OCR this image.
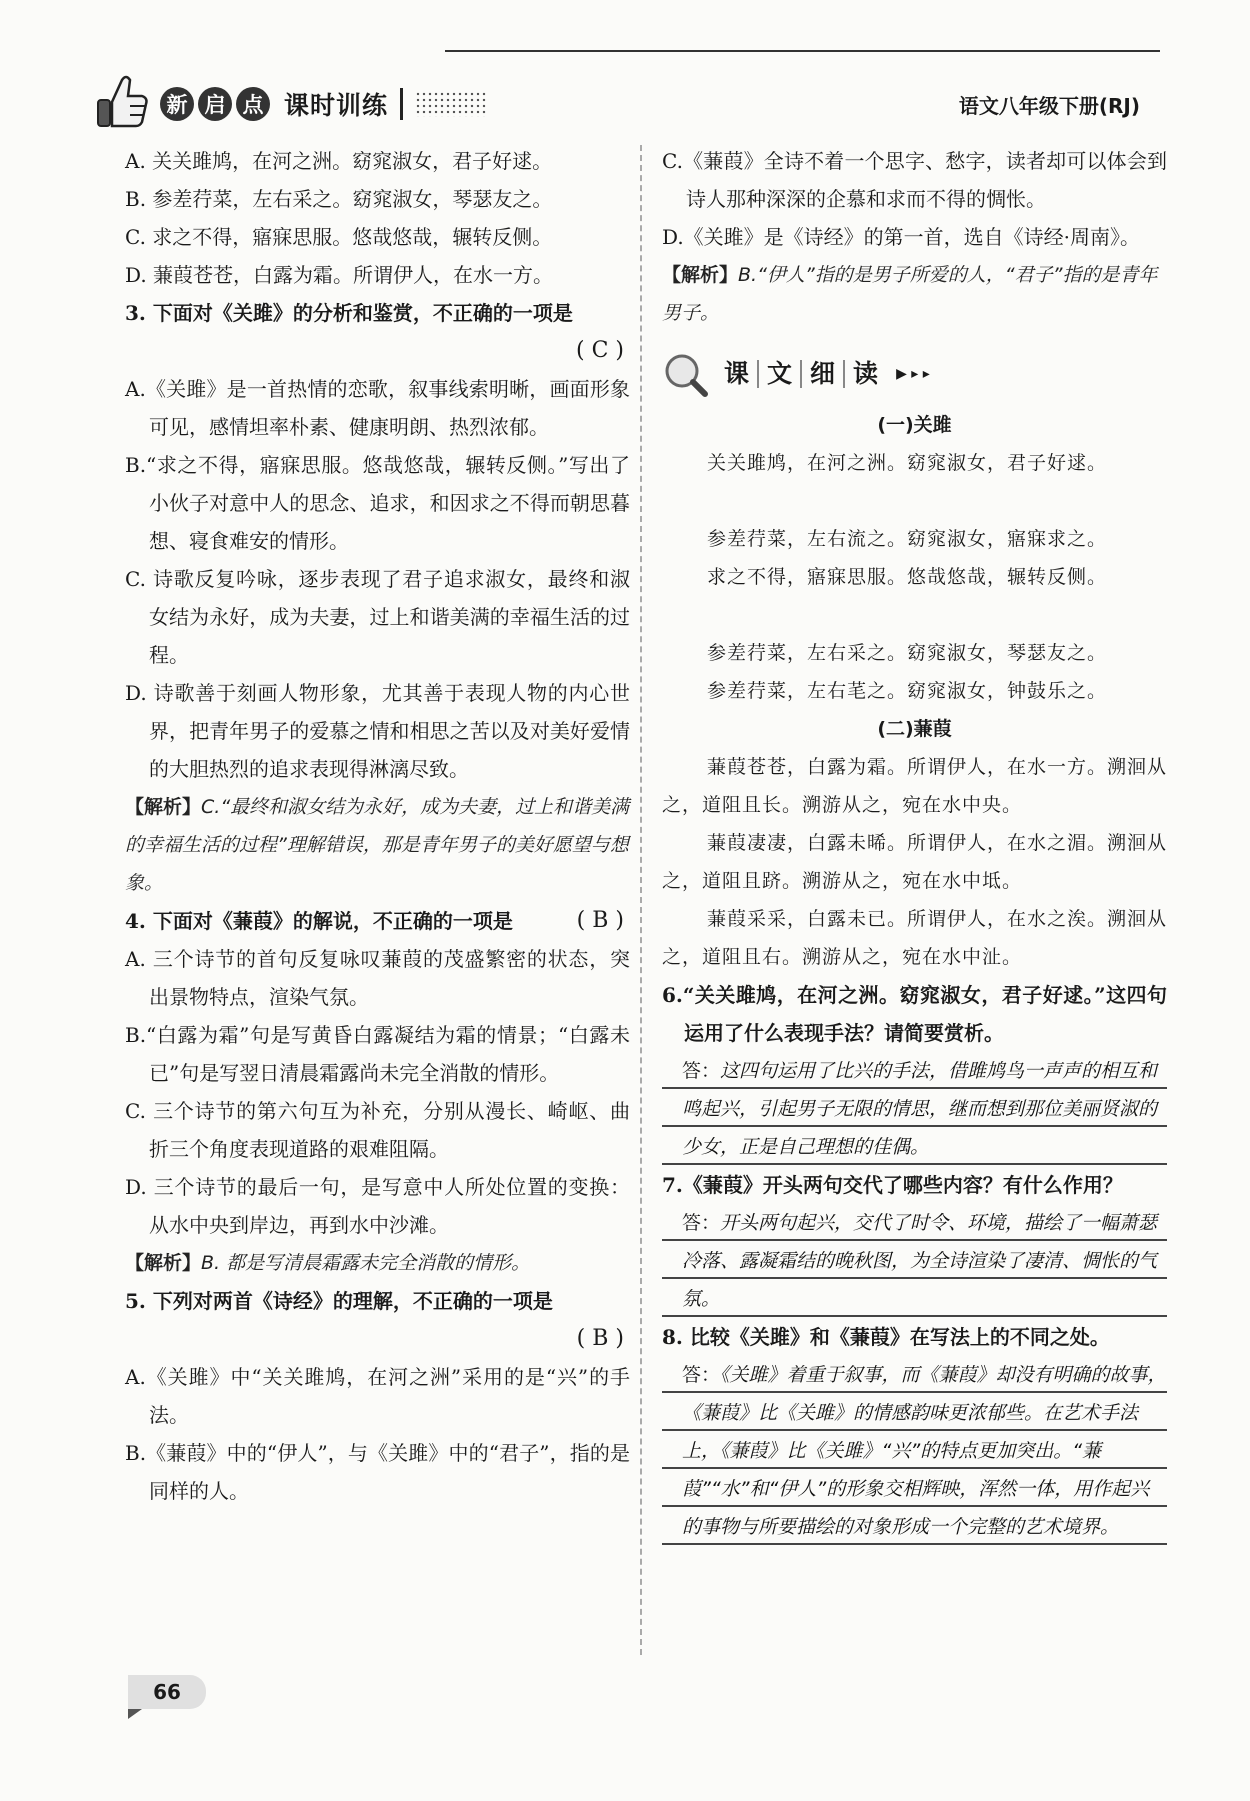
新 启 点 课时训练	语文八年级下册(RJ)

A. 关关雎鸠，在河之洲。窈窕淑女，君子好逑。

B. 参差荇菜，左右采之。窈窕淑女，琴瑟友之。

C. 求之不得，寤寐思服。悠哉悠哉，辗转反侧。

D. 蒹葭苍苍，白露为霜。所谓伊人，在水一方。

3. 下面对《关雎》的分析和鉴赏，不正确的一项是

( C )

A.《关雎》是一首热情的恋歌，叙事线索明晰，画面形象可见，感情坦率朴素、健康明朗、热烈浓郁。

B.“求之不得，寤寐思服。悠哉悠哉，辗转反侧。”写出了小伙子对意中人的思念、追求，和因求之不得而朝思暮想、寝食难安的情形。

C. 诗歌反复吟咏，逐步表现了君子追求淑女，最终和淑女结为永好，成为夫妻，过上和谐美满的幸福生活的过程。

D. 诗歌善于刻画人物形象，尤其善于表现人物的内心世界，把青年男子的爱慕之情和相思之苦以及对美好爱情的大胆热烈的追求表现得淋漓尽致。

【解析】C.“最终和淑女结为永好，成为夫妻，过上和谐美满的幸福生活的过程”理解错误，那是青年男子的美好愿望与想象。

4. 下面对《蒹葭》的解说，不正确的一项是	( B )

A. 三个诗节的首句反复咏叹蒹葭的茂盛繁密的状态，突出景物特点，渲染气氛。

B.“白露为霜”句是写黄昏白露凝结为霜的情景；“白露未已”句是写翌日清晨霜露尚未完全消散的情形。

C. 三个诗节的第六句互为补充，分别从漫长、崎岖、曲折三个角度表现道路的艰难阻隔。

D. 三个诗节的最后一句，是写意中人所处位置的变换：从水中央到岸边，再到水中沙滩。

【解析】B. 都是写清晨霜露未完全消散的情形。

5. 下列对两首《诗经》的理解，不正确的一项是

( B )

A.《关雎》中“关关雎鸠，在河之洲”采用的是“兴”的手法。

B.《蒹葭》中的“伊人”，与《关雎》中的“君子”，指的是同样的人。

C.《蒹葭》全诗不着一个思字、愁字，读者却可以体会到诗人那种深深的企慕和求而不得的惆怅。

D.《关雎》是《诗经》的第一首，选自《诗经·周南》。

【解析】B.“伊人”指的是男子所爱的人，“君子”指的是青年男子。

课 文 细 读	▶ ▸ ▸

(一)关雎

关关雎鸠，在河之洲。窈窕淑女，君子好逑。

参差荇菜，左右流之。窈窕淑女，寤寐求之。

求之不得，寤寐思服。悠哉悠哉，辗转反侧。

参差荇菜，左右采之。窈窕淑女，琴瑟友之。

参差荇菜，左右芼之。窈窕淑女，钟鼓乐之。

(二)蒹葭

蒹葭苍苍，白露为霜。所谓伊人，在水一方。溯洄从之，道阻且长。溯游从之，宛在水中央。

蒹葭凄凄，白露未晞。所谓伊人，在水之湄。溯洄从之，道阻且跻。溯游从之，宛在水中坻。

蒹葭采采，白露未已。所谓伊人，在水之涘。溯洄从之，道阻且右。溯游从之，宛在水中沚。

6.“关关雎鸠，在河之洲。窈窕淑女，君子好逑。”这四句运用了什么表现手法？请简要赏析。

答：这四句运用了比兴的手法，借雎鸠鸟一声声的相互和鸣起兴，引起男子无限的情思，继而想到那位美丽贤淑的少女，正是自己理想的佳偶。

7.《蒹葭》开头两句交代了哪些内容？有什么作用？

答：开头两句起兴，交代了时令、环境，描绘了一幅萧瑟冷落、露凝霜结的晚秋图，为全诗渲染了凄清、惆怅的气氛。

8. 比较《关雎》和《蒹葭》在写法上的不同之处。

答：《关雎》着重于叙事，而《蒹葭》却没有明确的故事，《蒹葭》比《关雎》的情感韵味更浓郁些。在艺术手法上，《蒹葭》比《关雎》“兴”的特点更加突出。“蒹葭”“水”和“伊人”的形象交相辉映，浑然一体，用作起兴的事物与所要描绘的对象形成一个完整的艺术境界。

66
